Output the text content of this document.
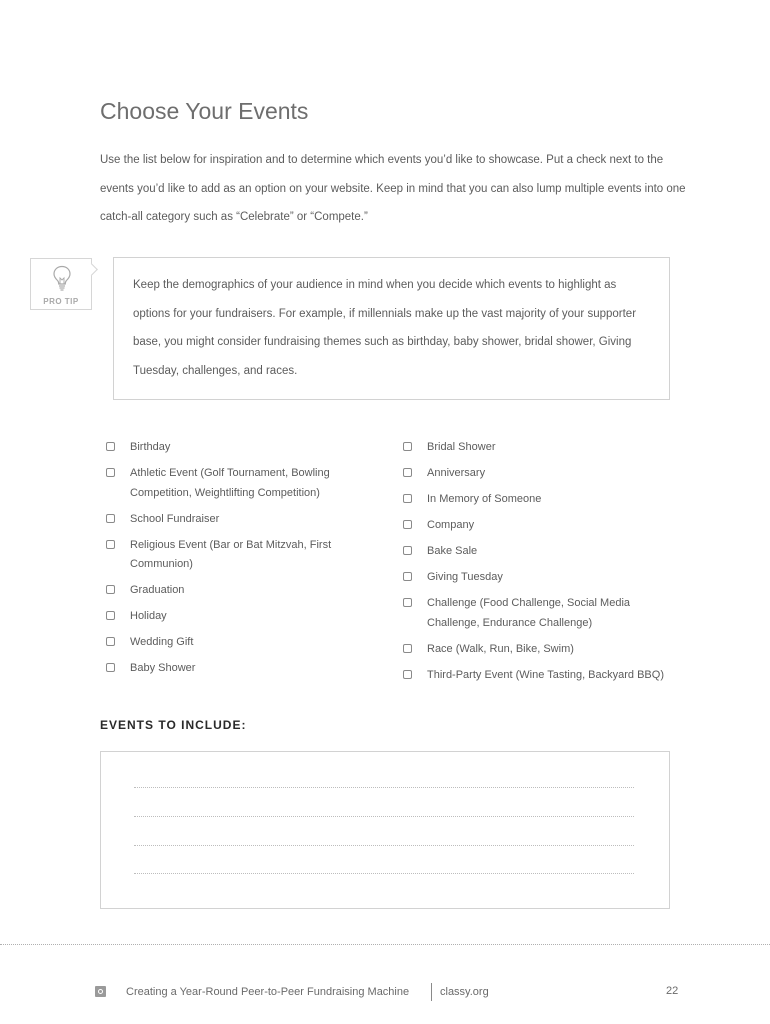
Choose Your Events

Use the list below for inspiration and to determine which events you’d like to showcase. Put a check next to the events you’d like to add as an option on your website. Keep in mind that you can also lump multiple events into one catch-all category such as “Celebrate” or “Compete.”

PRO TIP

Keep the demographics of your audience in mind when you decide which events to highlight as options for your fundraisers. For example, if millennials make up the vast majority of your supporter base, you might consider fundraising themes such as birthday, baby shower, bridal shower, Giving Tuesday, challenges, and races.

Birthday
Athletic Event (Golf Tournament, Bowling Competition, Weightlifting Competition)
School Fundraiser
Religious Event (Bar or Bat Mitzvah, First Communion)
Graduation
Holiday
Wedding Gift
Baby Shower
Bridal Shower
Anniversary
In Memory of Someone
Company
Bake Sale
Giving Tuesday
Challenge (Food Challenge, Social Media Challenge, Endurance Challenge)
Race (Walk, Run, Bike, Swim)
Third-Party Event (Wine Tasting, Backyard BBQ)
EVENTS TO INCLUDE:
Creating a Year-Round Peer-to-Peer Fundraising Machine	classy.org	22
